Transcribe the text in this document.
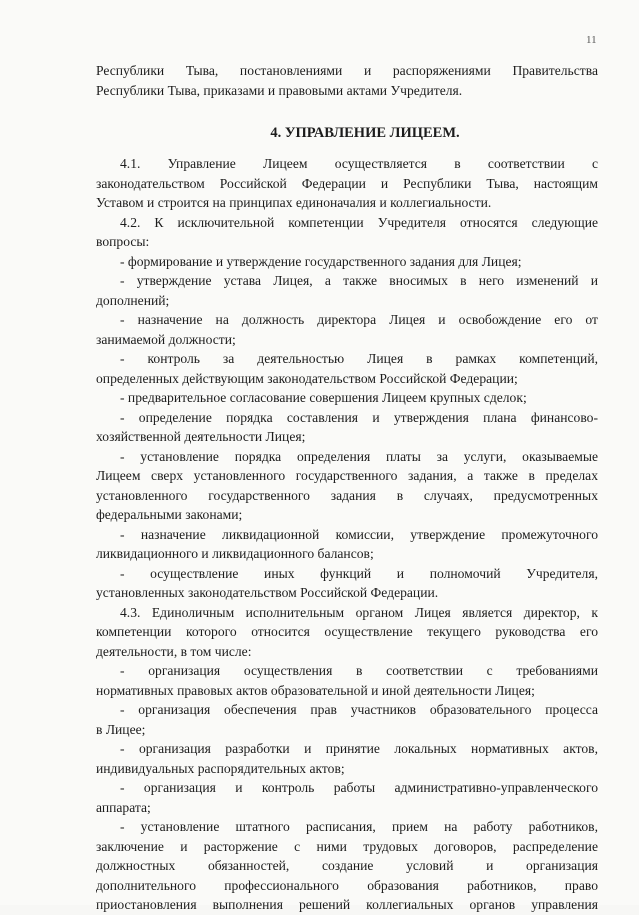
11
Республики Тыва, постановлениями и распоряжениями Правительства
Республики Тыва, приказами и правовыми актами Учредителя.
4. УПРАВЛЕНИЕ ЛИЦЕЕМ.
4.1. Управление Лицеем осуществляется в соответствии с
законодательством Российской Федерации и Республики Тыва, настоящим
Уставом и строится на принципах единоначалия и коллегиальности.
4.2. К исключительной компетенции Учредителя относятся следующие
вопросы:
- формирование и утверждение государственного задания для Лицея;
- утверждение устава Лицея, а также вносимых в него изменений и
дополнений;
- назначение на должность директора Лицея и освобождение его от
занимаемой должности;
- контроль за деятельностью Лицея в рамках компетенций,
определенных действующим законодательством Российской Федерации;
- предварительное согласование совершения Лицеем крупных сделок;
- определение порядка составления и утверждения плана финансово-
хозяйственной деятельности Лицея;
- установление порядка определения платы за услуги, оказываемые
Лицеем сверх установленного государственного задания, а также в пределах
установленного государственного задания в случаях, предусмотренных
федеральными законами;
- назначение ликвидационной комиссии, утверждение промежуточного
ликвидационного и ликвидационного балансов;
- осуществление иных функций и полномочий Учредителя,
установленных законодательством Российской Федерации.
4.3. Единоличным исполнительным органом Лицея является директор, к
компетенции которого относится осуществление текущего руководства его
деятельности, в том числе:
- организация осуществления в соответствии с требованиями
нормативных правовых актов образовательной и иной деятельности Лицея;
- организация обеспечения прав участников образовательного процесса
в Лицее;
- организация разработки и принятие локальных нормативных актов,
индивидуальных распорядительных актов;
- организация и контроль работы административно-управленческого
аппарата;
- установление штатного расписания, прием на работу работников,
заключение и расторжение с ними трудовых договоров, распределение
должностных обязанностей, создание условий и организация
дополнительного профессионального образования работников, право
приостановления выполнения решений коллегиальных органов управления
